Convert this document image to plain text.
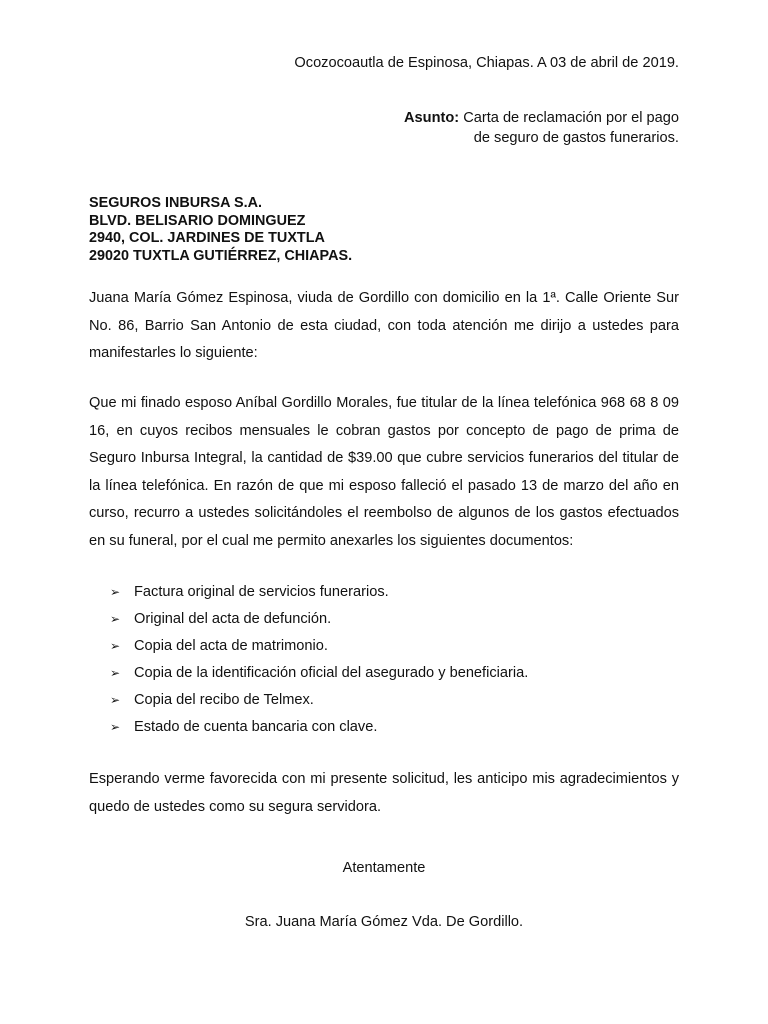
Ocozocoautla de Espinosa, Chiapas. A 03 de abril de 2019.
Asunto: Carta de reclamación por el pago
de seguro de gastos funerarios.
SEGUROS INBURSA S.A.
BLVD. BELISARIO DOMINGUEZ
2940, COL. JARDINES DE TUXTLA
29020 TUXTLA GUTIÉRREZ, CHIAPAS.

Juana María Gómez Espinosa, viuda de Gordillo con domicilio en la 1ª. Calle Oriente Sur No. 86, Barrio San Antonio de esta ciudad, con toda atención me dirijo a ustedes para manifestarles lo siguiente:

Que mi finado esposo Aníbal Gordillo Morales, fue titular de la línea telefónica 968 68 8 09 16, en cuyos recibos mensuales le cobran gastos por concepto de pago de prima de Seguro Inbursa Integral, la cantidad de $39.00 que cubre servicios funerarios del titular de la línea telefónica. En razón de que mi esposo falleció el pasado 13 de marzo del año en curso, recurro a ustedes solicitándoles el reembolso de algunos de los gastos efectuados en su funeral, por el cual me permito anexarles los siguientes documentos:

➢ Factura original de servicios funerarios.
➢ Original del acta de defunción.
➢ Copia del acta de matrimonio.
➢ Copia de la identificación oficial del asegurado y beneficiaria.
➢ Copia del recibo de Telmex.
➢ Estado de cuenta bancaria con clave.

Esperando verme favorecida con mi presente solicitud, les anticipo mis agradecimientos y quedo de ustedes como su segura servidora.

Atentamente
Sra. Juana María Gómez Vda. De Gordillo.
